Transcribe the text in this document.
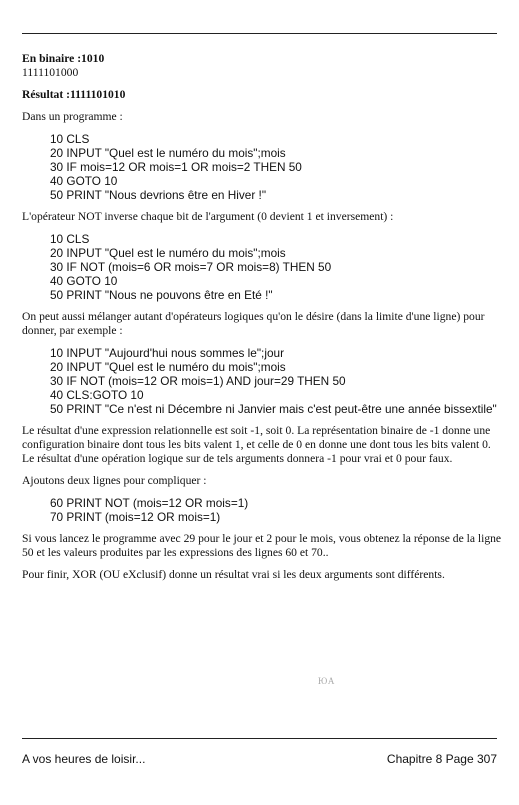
En binaire :1010
1111101000
Résultat :1111101010
Dans un programme :
10 CLS
20 INPUT "Quel est le numéro du mois";mois
30 IF mois=12 OR mois=1 OR mois=2 THEN 50
40 GOTO 10
50 PRINT "Nous devrions être en Hiver !"
L'opérateur NOT inverse chaque bit de l'argument (0 devient 1 et inversement) :
10 CLS
20 INPUT "Quel est le numéro du mois";mois
30 IF NOT (mois=6 OR mois=7 OR mois=8) THEN 50
40 GOTO 10
50 PRINT "Nous ne pouvons être en Eté !"
On peut aussi mélanger autant d'opérateurs logiques qu'on le désire (dans la limite d'une ligne) pour donner, par exemple :
10 INPUT "Aujourd'hui nous sommes le";jour
20 INPUT "Quel est le numéro du mois";mois
30 IF NOT (mois=12 OR mois=1) AND jour=29 THEN 50
40 CLS:GOTO 10
50 PRINT "Ce n'est ni Décembre ni Janvier mais c'est peut-être une année bissextile"
Le résultat d'une expression relationnelle est soit -1, soit 0. La représentation binaire de -1 donne une configuration binaire dont tous les bits valent 1, et celle de 0 en donne une dont tous les bits valent 0. Le résultat d'une opération logique sur de tels arguments donnera -1 pour vrai et 0 pour faux.
Ajoutons deux lignes pour compliquer :
60 PRINT NOT (mois=12 OR mois=1)
70 PRINT (mois=12 OR mois=1)
Si vous lancez le programme avec 29 pour le jour et 2 pour le mois, vous obtenez la réponse de la ligne 50 et les valeurs produites par les expressions des lignes 60 et 70..
Pour finir, XOR (OU eXclusif) donne un résultat vrai si les deux arguments sont différents.
ЮА
A vos heures de loisir...	Chapitre 8 Page 307
